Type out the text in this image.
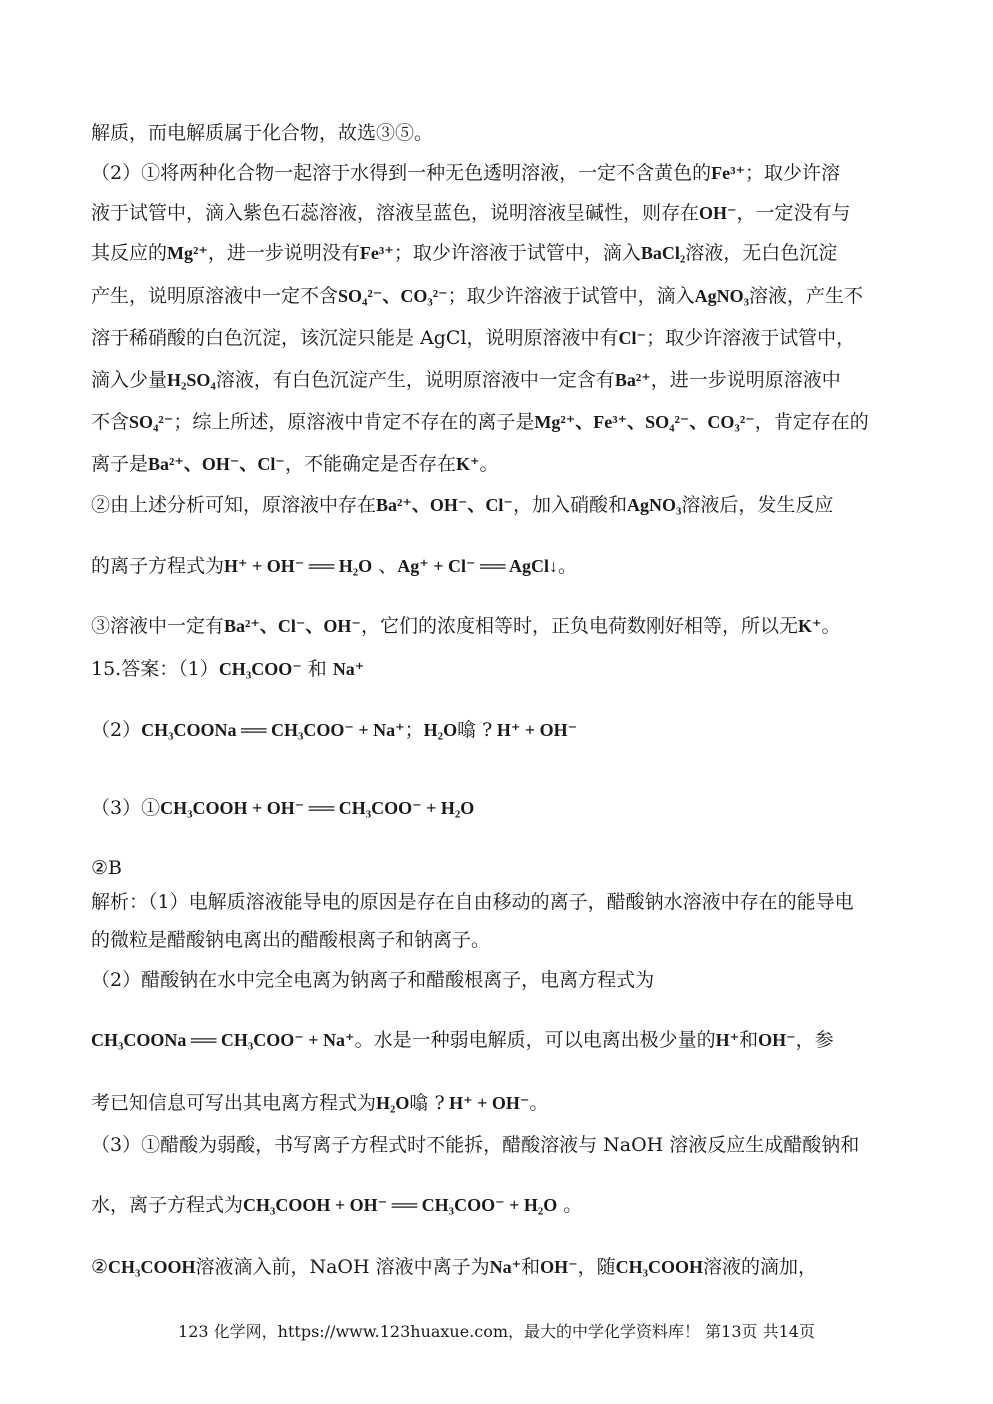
解质，而电解质属于化合物，故选③⑤。
（2）①将两种化合物一起溶于水得到一种无色透明溶液，一定不含黄色的Fe³⁺；取少许溶
液于试管中，滴入紫色石蕊溶液，溶液呈蓝色，说明溶液呈碱性，则存在OH⁻，一定没有与
其反应的Mg²⁺，进一步说明没有Fe³⁺；取少许溶液于试管中，滴入BaCl₂溶液，无白色沉淀
产生，说明原溶液中一定不含SO₄²⁻、CO₃²⁻；取少许溶液于试管中，滴入AgNO₃溶液，产生不
溶于稀硝酸的白色沉淀，该沉淀只能是 AgCl，说明原溶液中有Cl⁻；取少许溶液于试管中，
滴入少量H₂SO₄溶液，有白色沉淀产生，说明原溶液中一定含有Ba²⁺，进一步说明原溶液中
不含SO₄²⁻；综上所述，原溶液中肯定不存在的离子是Mg²⁺、Fe³⁺、SO₄²⁻、CO₃²⁻，肯定存在的
离子是Ba²⁺、OH⁻、Cl⁻，不能确定是否存在K⁺。
②由上述分析可知，原溶液中存在Ba²⁺、OH⁻、Cl⁻，加入硝酸和AgNO₃溶液后，发生反应
的离子方程式为H⁺ + OH⁻ ══ H₂O 、Ag⁺ + Cl⁻ ══ AgCl↓。
③溶液中一定有Ba²⁺、Cl⁻、OH⁻，它们的浓度相等时，正负电荷数刚好相等，所以无K⁺。
15.答案：（1）CH₃COO⁻ 和 Na⁺
（2）CH₃COONa ══ CH₃COO⁻ + Na⁺；H₂O噏 ? H⁺ + OH⁻
（3）①CH₃COOH + OH⁻ ══ CH₃COO⁻ + H₂O
②B
解析：（1）电解质溶液能导电的原因是存在自由移动的离子，醋酸钠水溶液中存在的能导电
的微粒是醋酸钠电离出的醋酸根离子和钠离子。
（2）醋酸钠在水中完全电离为钠离子和醋酸根离子，电离方程式为
CH₃COONa ══ CH₃COO⁻ + Na⁺。水是一种弱电解质，可以电离出极少量的H⁺和OH⁻，参
考已知信息可写出其电离方程式为H₂O噏 ? H⁺ + OH⁻。
（3）①醋酸为弱酸，书写离子方程式时不能拆，醋酸溶液与 NaOH 溶液反应生成醋酸钠和
水，离子方程式为CH₃COOH + OH⁻ ══ CH₃COO⁻ + H₂O 。
②CH₃COOH溶液滴入前，NaOH 溶液中离子为Na⁺和OH⁻，随CH₃COOH溶液的滴加，
123 化学网，https://www.123huaxue.com，最大的中学化学资料库！ 第13页 共14页
